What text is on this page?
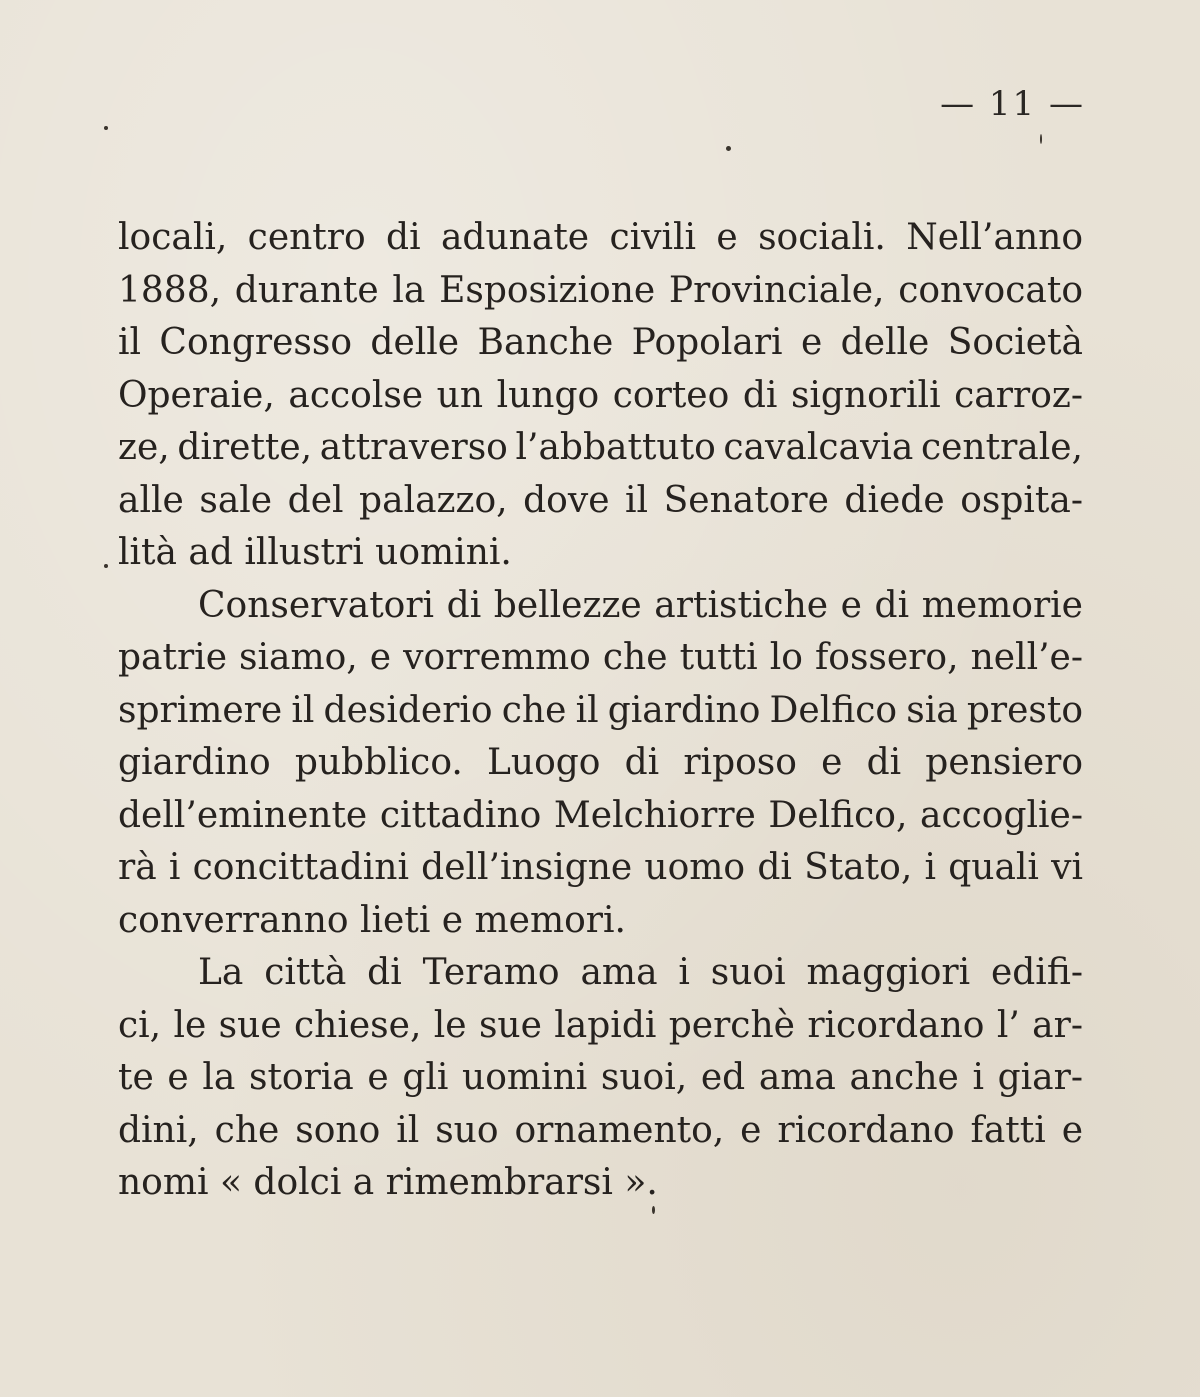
— 11 —

locali, centro di adunate civili e sociali. Nell’anno
1888, durante la Esposizione Provinciale, convocato
il Congresso delle Banche Popolari e delle Società
Operaie, accolse un lungo corteo di signorili carroz-
ze, dirette, attraverso l’abbattuto cavalcavia centrale,
alle sale del palazzo, dove il Senatore diede ospita-
lità ad illustri uomini.

Conservatori di bellezze artistiche e di memorie
patrie siamo, e vorremmo che tutti lo fossero, nell’e-
sprimere il desiderio che il giardino Delfico sia presto
giardino pubblico. Luogo di riposo e di pensiero
dell’eminente cittadino Melchiorre Delfico, accoglie-
rà i concittadini dell’insigne uomo di Stato, i quali vi
converranno lieti e memori.

La città di Teramo ama i suoi maggiori edifi-
ci, le sue chiese, le sue lapidi perchè ricordano l’ ar-
te e la storia e gli uomini suoi, ed ama anche i giar-
dini, che sono il suo ornamento, e ricordano fatti e
nomi « dolci a rimembrarsi ».
